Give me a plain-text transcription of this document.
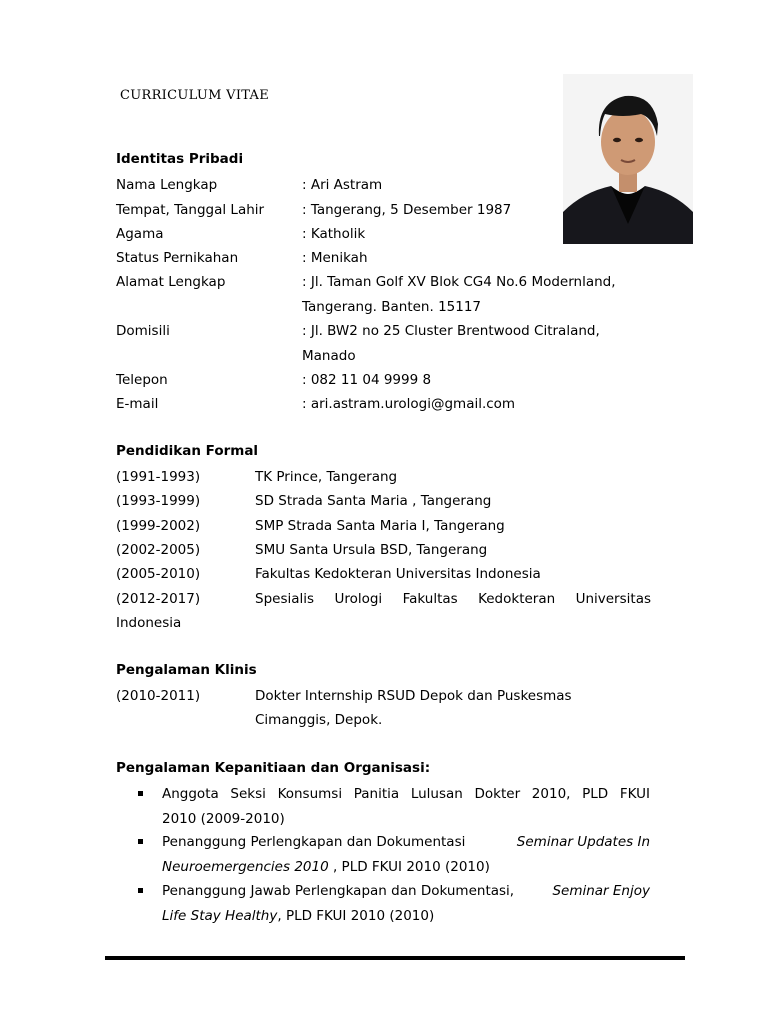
CURRICULUM VITAE
Identitas Pribadi
Nama Lengkap	: Ari Astram
Tempat, Tanggal Lahir	: Tangerang, 5 Desember 1987
Agama	: Katholik
Status Pernikahan	: Menikah
Alamat Lengkap	: Jl. Taman Golf XV Blok CG4 No.6 Modernland,
Tangerang. Banten. 15117
Domisili	: Jl. BW2 no 25 Cluster Brentwood Citraland,
Manado
Telepon	: 082 11 04 9999 8
E-mail	: ari.astram.urologi@gmail.com
Pendidikan Formal
(1991-1993)	TK Prince, Tangerang
(1993-1999)	SD Strada Santa Maria , Tangerang
(1999-2002)	SMP Strada Santa Maria I, Tangerang
(2002-2005)	SMU Santa Ursula BSD, Tangerang
(2005-2010)	Fakultas Kedokteran Universitas Indonesia
(2012-2017)	Spesialis Urologi Fakultas Kedokteran Universitas
Indonesia
Pengalaman Klinis
(2010-2011)	Dokter Internship RSUD Depok dan Puskesmas
Cimanggis, Depok.
Pengalaman Kepanitiaan dan Organisasi:
Anggota Seksi Konsumsi Panitia Lulusan Dokter 2010, PLD FKUI
2010 (2009-2010)
Penanggung Perlengkapan dan Dokumentasi	Seminar Updates In
Neuroemergencies 2010 , PLD FKUI 2010 (2010)
Penanggung Jawab Perlengkapan dan Dokumentasi,	Seminar Enjoy
Life Stay Healthy, PLD FKUI 2010 (2010)
